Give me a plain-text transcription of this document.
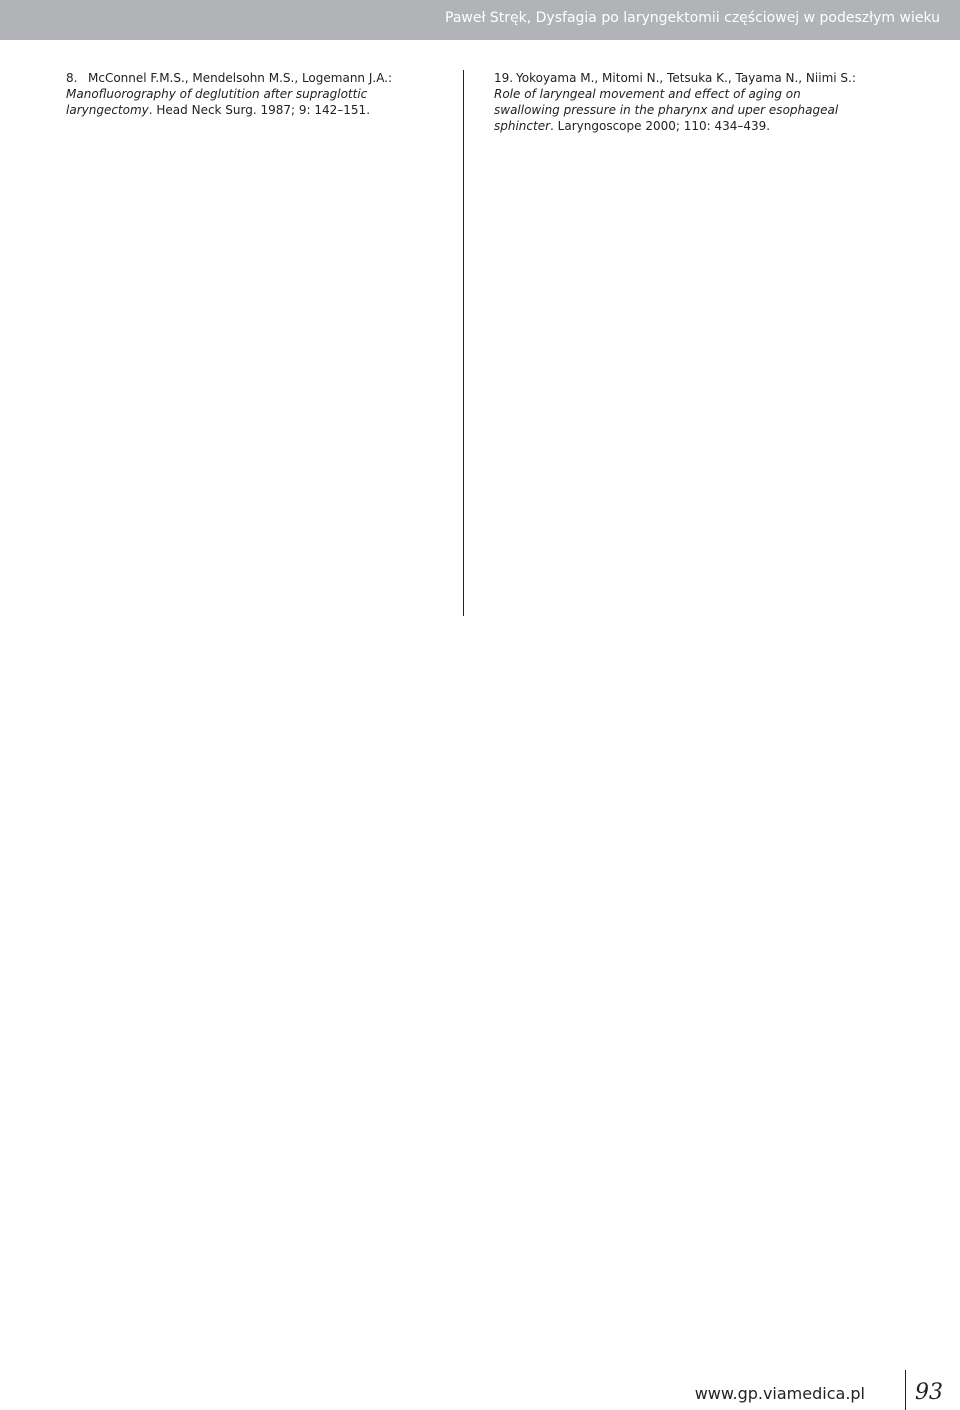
Paweł Stręk, Dysfagia po laryngektomii częściowej w podeszłym wieku
8. McConnel F.M.S., Mendelsohn M.S., Logemann J.A.: Manofluorography of deglutition after supraglottic laryngectomy. Head Neck Surg. 1987; 9: 142–151.
19. Yokoyama M., Mitomi N., Tetsuka K., Tayama N., Niimi S.: Role of laryngeal movement and effect of aging on swallowing pressure in the pharynx and uper esophageal sphincter. Laryngoscope 2000; 110: 434–439.
www.gp.viamedica.pl 93
